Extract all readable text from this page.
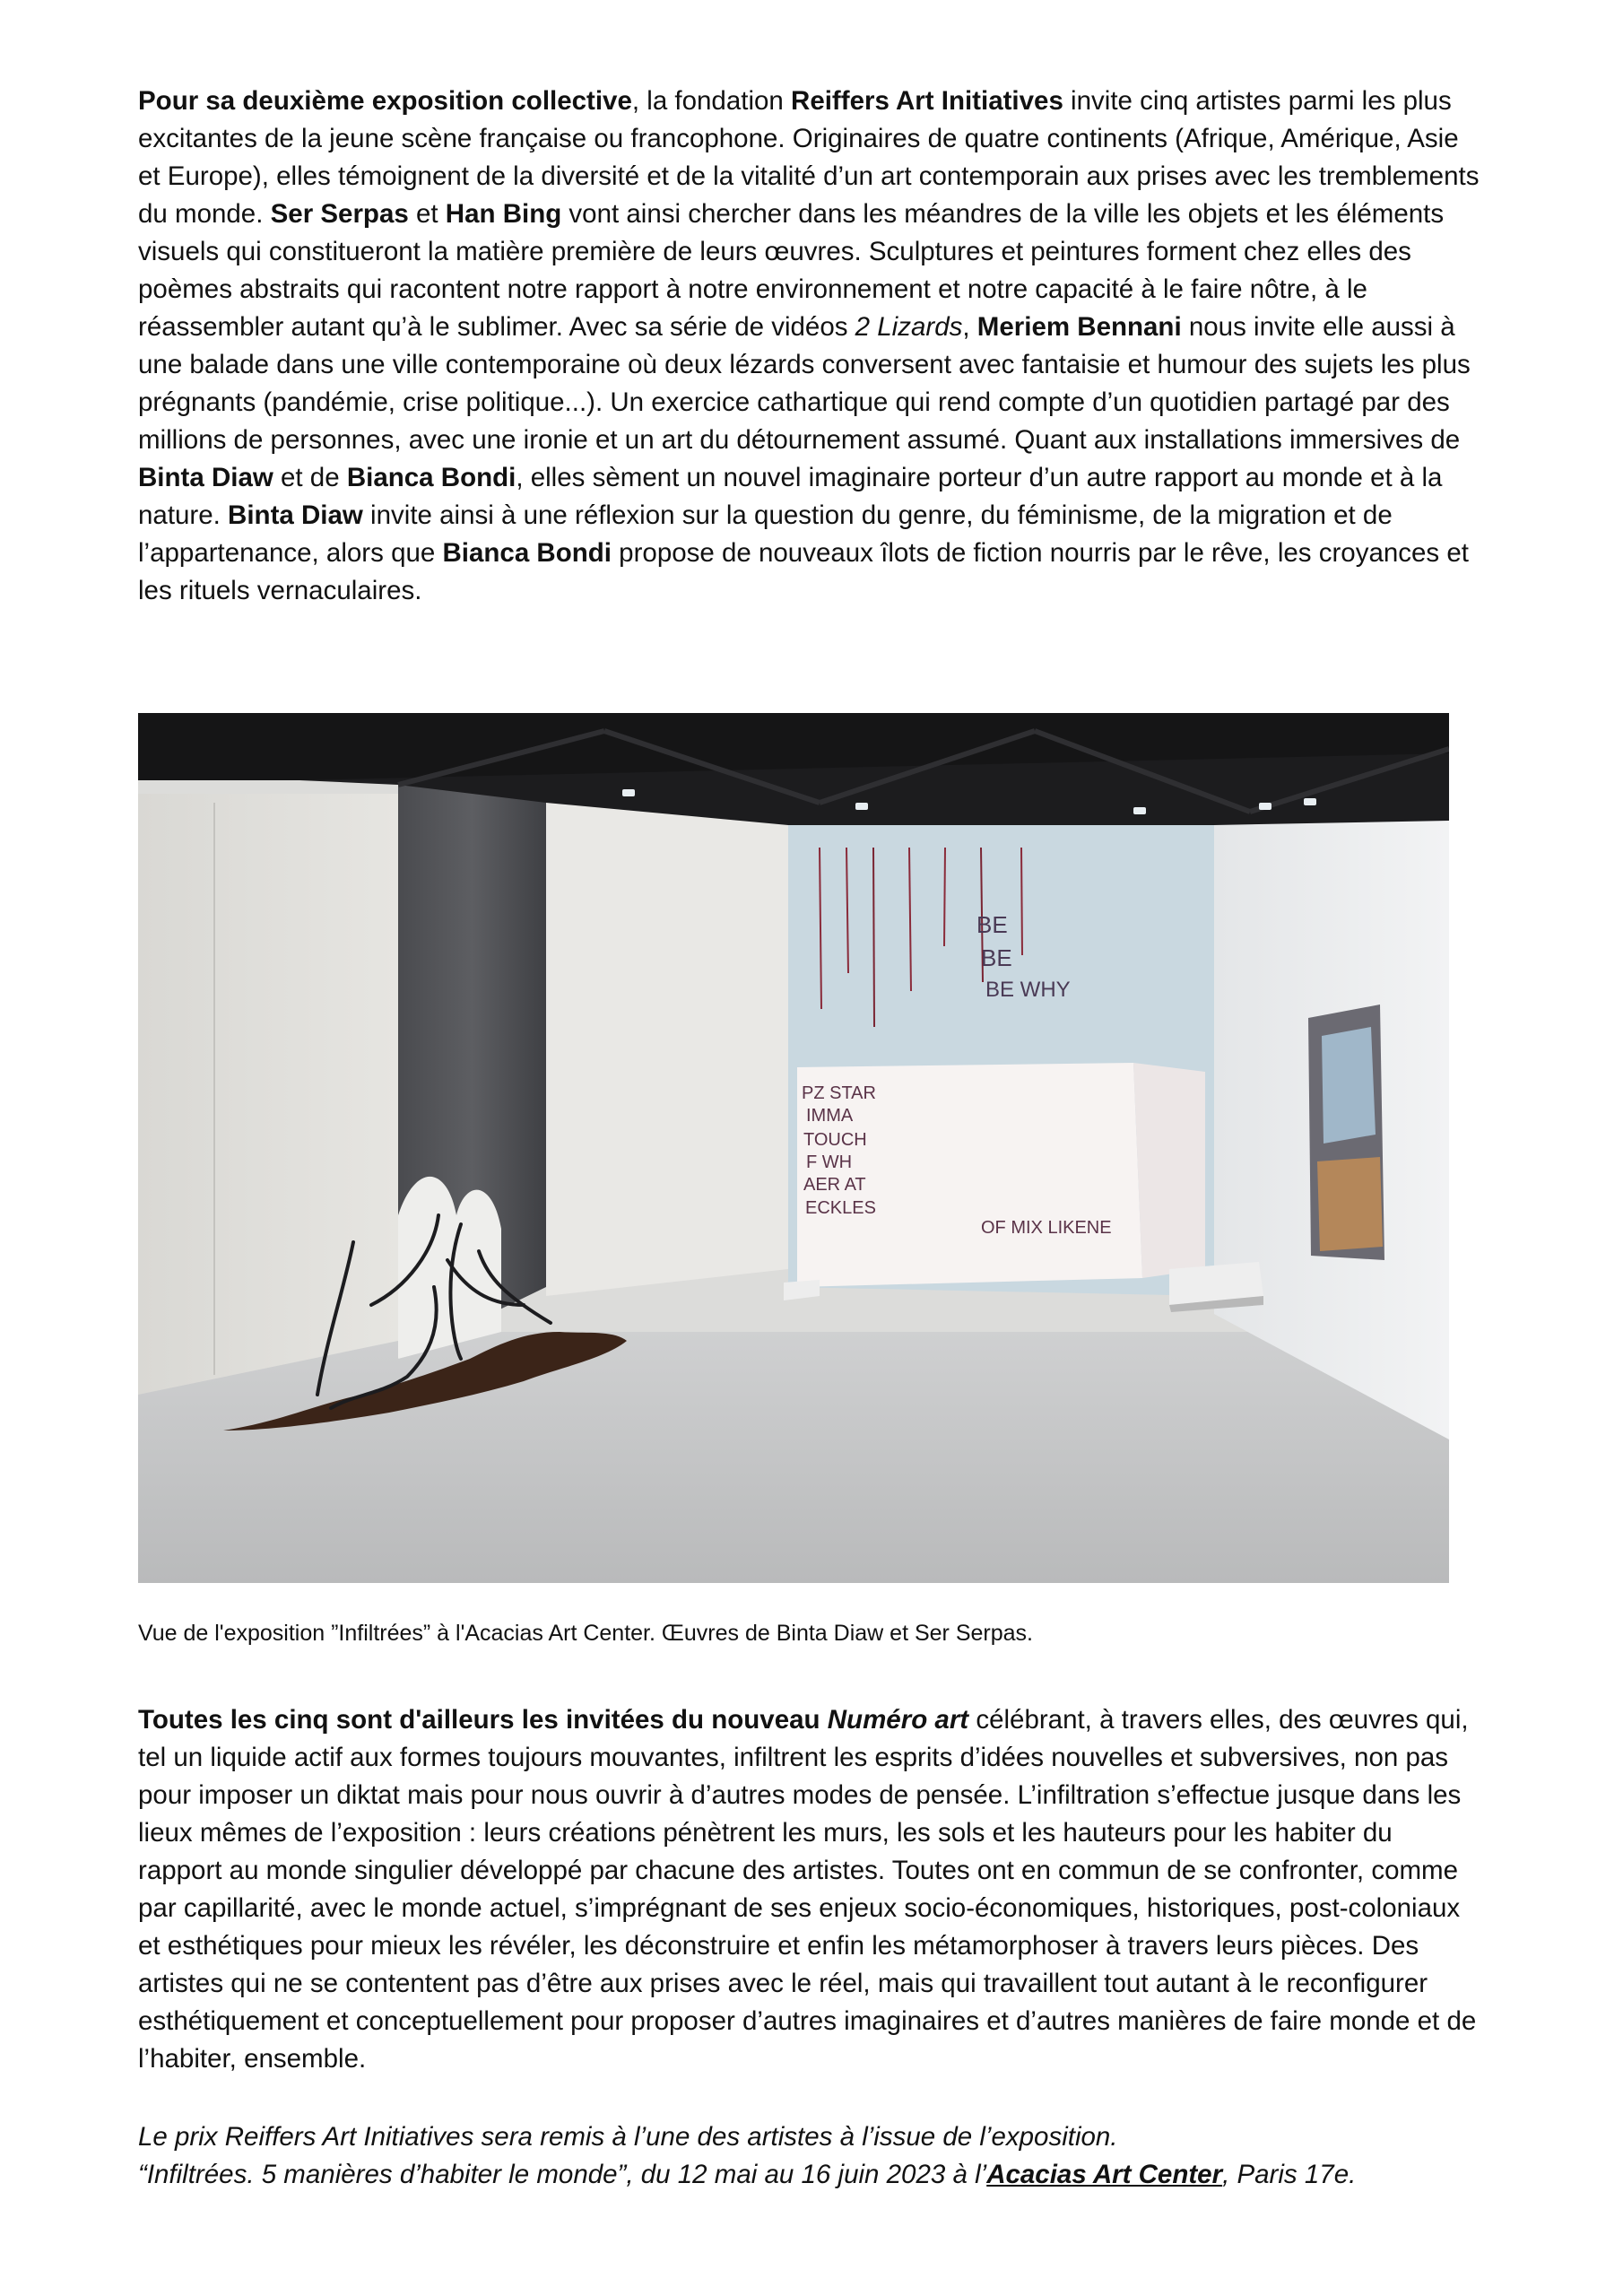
Pour sa deuxième exposition collective, la fondation Reiffers Art Initiatives invite cinq artistes parmi les plus excitantes de la jeune scène française ou francophone. Originaires de quatre continents (Afrique, Amérique, Asie et Europe), elles témoignent de la diversité et de la vitalité d’un art contemporain aux prises avec les tremblements du monde. Ser Serpas et Han Bing vont ainsi chercher dans les méandres de la ville les objets et les éléments visuels qui constitueront la matière première de leurs œuvres. Sculptures et peintures forment chez elles des poèmes abstraits qui racontent notre rapport à notre environnement et notre capacité à le faire nôtre, à le réassembler autant qu’à le sublimer. Avec sa série de vidéos 2 Lizards, Meriem Bennani nous invite elle aussi à une balade dans une ville contemporaine où deux lézards conversent avec fantaisie et humour des sujets les plus prégnants (pandémie, crise politique...). Un exercice cathartique qui rend compte d’un quotidien partagé par des millions de personnes, avec une ironie et un art du détournement assumé. Quant aux installations immersives de Binta Diaw et de Bianca Bondi, elles sèment un nouvel imaginaire porteur d’un autre rapport au monde et à la nature. Binta Diaw invite ainsi à une réflexion sur la question du genre, du féminisme, de la migration et de l’appartenance, alors que Bianca Bondi propose de nouveaux îlots de fiction nourris par le rêve, les croyances et les rituels vernaculaires.

BE
BE
BE WHY
PZ STAR
IMMA
TOUCH
F WH
AER AT
ECKLES
OF MIX LIKENE

Vue de l'exposition ”Infiltrées” à l'Acacias Art Center. Œuvres de Binta Diaw et Ser Serpas.

Toutes les cinq sont d'ailleurs les invitées du nouveau Numéro art célébrant, à travers elles, des œuvres qui, tel un liquide actif aux formes toujours mouvantes, infiltrent les esprits d’idées nouvelles et subversives, non pas pour imposer un diktat mais pour nous ouvrir à d’autres modes de pensée. L’infiltration s’effectue jusque dans les lieux mêmes de l’exposition : leurs créations pénètrent les murs, les sols et les hauteurs pour les habiter du rapport au monde singulier développé par chacune des artistes. Toutes ont en commun de se confronter, comme par capillarité, avec le monde actuel, s’imprégnant de ses enjeux socio-économiques, historiques, post-coloniaux et esthétiques pour mieux les révéler, les déconstruire et enfin les métamorphoser à travers leurs pièces. Des artistes qui ne se contentent pas d’être aux prises avec le réel, mais qui travaillent tout autant à le reconfigurer esthétiquement et conceptuellement pour proposer d’autres imaginaires et d’autres manières de faire monde et de l’habiter, ensemble.

Le prix Reiffers Art Initiatives sera remis à l’une des artistes à l’issue de l’exposition.

“Infiltrées. 5 manières d’habiter le monde”, du 12 mai au 16 juin 2023 à l’Acacias Art Center, Paris 17e.
